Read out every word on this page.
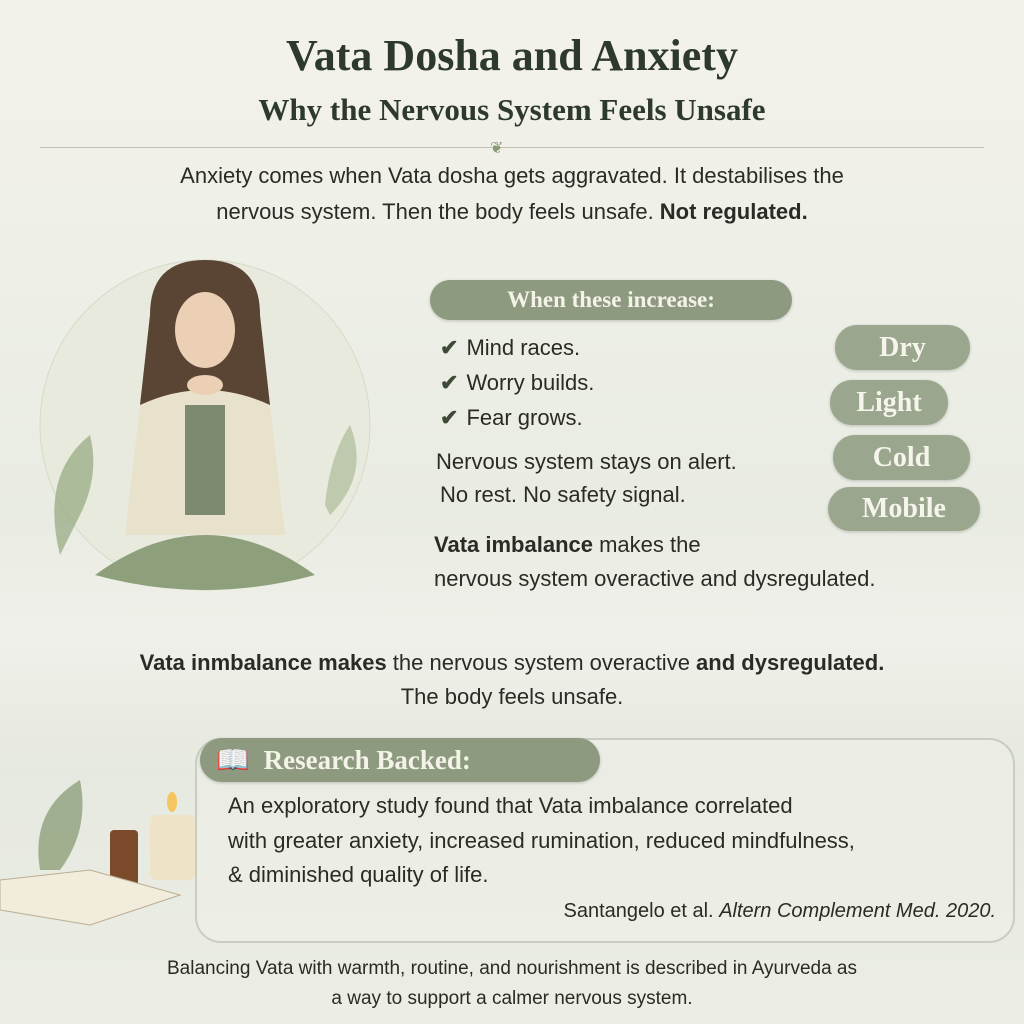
Vata Dosha and Anxiety
Why the Nervous System Feels Unsafe
❦
Anxiety comes when Vata dosha gets aggravated. It destabilises the
nervous system. Then the body feels unsafe. Not regulated.
When these increase:
✔ Mind races.
✔ Worry builds.
✔ Fear grows.
Nervous system stays on alert.
No rest. No safety signal.
Vata imbalance makes the
nervous system overactive and dysregulated.
Dry
Light
Cold
Mobile
Vata inmbalance makes the nervous system overactive and dysregulated.
The body feels unsafe.
📖 Research Backed:
An exploratory study found that Vata imbalance correlated
with greater anxiety, increased rumination, reduced mindfulness,
& diminished quality of life.
Santangelo et al. Altern Complement Med. 2020.
Balancing Vata with warmth, routine, and nourishment is described in Ayurveda as
a way to support a calmer nervous system.
